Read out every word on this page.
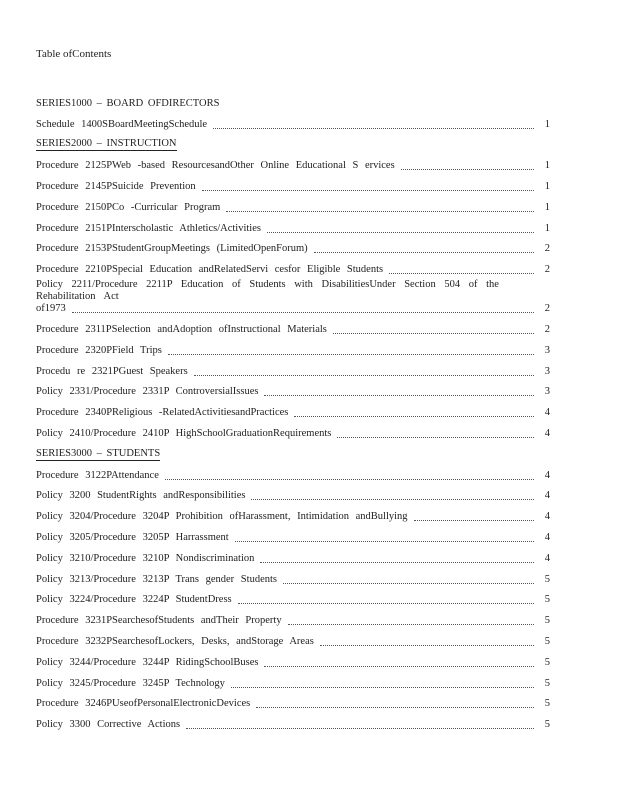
Table ofContents
SERIES1000 – BOARD OFDIRECTORS
Schedule 1400SBoardMeetingSchedule	1
SERIES2000 – INSTRUCTION
Procedure 2125PWeb -based ResourcesandOther Online Educational S ervices	1
Procedure 2145PSuicide Prevention	1
Procedure 2150PCo -Curricular Program	1
Procedure 2151PInterscholastic Athletics/Activities	1
Procedure 2153PStudentGroupMeetings (LimitedOpenForum)	2
Procedure 2210PSpecial Education andRelatedServi cesfor Eligible Students	2
Policy 2211/Procedure 2211P Education of Students with DisabilitiesUnder Section 504 of the Rehabilitation Act
of1973	2
Procedure 2311PSelection andAdoption ofInstructional Materials	2
Procedure 2320PField Trips	3
Procedu re 2321PGuest Speakers	3
Policy 2331/Procedure 2331P ControversialIssues	3
Procedure 2340PReligious -RelatedActivitiesandPractices	4
Policy 2410/Procedure 2410P HighSchoolGraduationRequirements	4
SERIES3000 – STUDENTS
Procedure 3122PAttendance	4
Policy 3200 StudentRights andResponsibilities	4
Policy 3204/Procedure 3204P Prohibition ofHarassment, Intimidation andBullying	4
Policy 3205/Procedure 3205P Harrassment	4
Policy 3210/Procedure 3210P Nondiscrimination	4
Policy 3213/Procedure 3213P Trans gender Students	5
Policy 3224/Procedure 3224P StudentDress	5
Procedure 3231PSearchesofStudents andTheir Property	5
Procedure 3232PSearchesofLockers, Desks, andStorage Areas	5
Policy 3244/Procedure 3244P RidingSchoolBuses	5
Policy 3245/Procedure 3245P Technology	5
Procedure 3246PUseofPersonalElectronicDevices	5
Policy 3300 Corrective Actions	5
